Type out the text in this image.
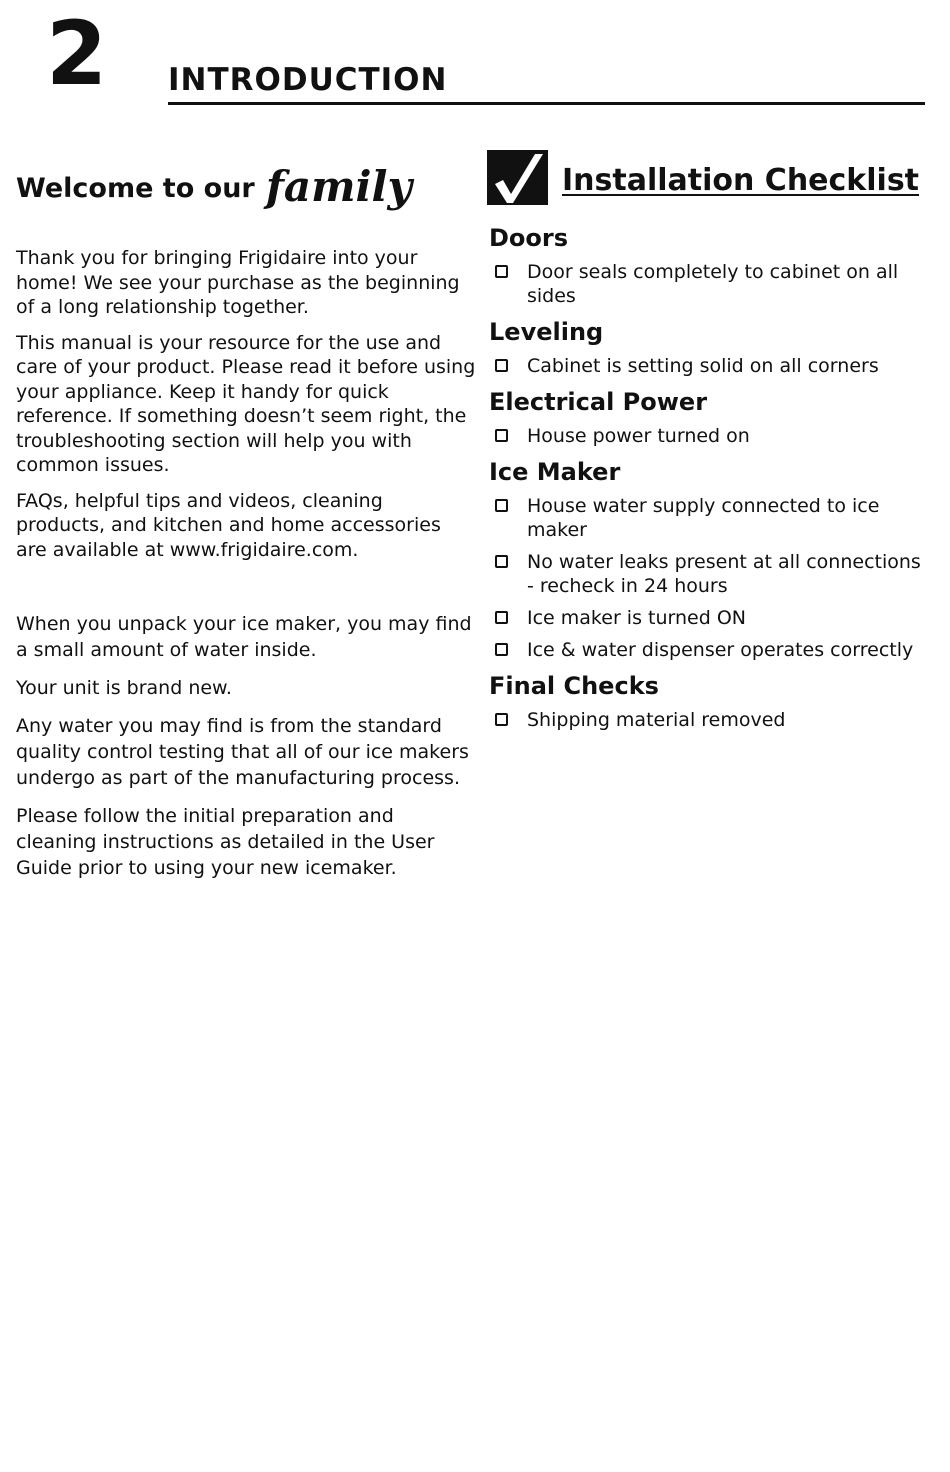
2 INTRODUCTION
Welcome to our family

Thank you for bringing Frigidaire into your home! We see your purchase as the beginning of a long relationship together.

This manual is your resource for the use and care of your product. Please read it before using your appliance. Keep it handy for quick reference. If something doesn’t seem right, the troubleshooting section will help you with common issues.

FAQs, helpful tips and videos, cleaning products, and kitchen and home accessories are available at www.frigidaire.com.

When you unpack your ice maker, you may find a small amount of water inside.

Your unit is brand new.

Any water you may find is from the standard quality control testing that all of our ice makers undergo as part of the manufacturing process.

Please follow the initial preparation and cleaning instructions as detailed in the User Guide prior to using your new icemaker.

Installation Checklist
Doors
Door seals completely to cabinet on all sides
Leveling
Cabinet is setting solid on all corners
Electrical Power
House power turned on
Ice Maker
House water supply connected to ice maker
No water leaks present at all connections - recheck in 24 hours
Ice maker is turned ON
Ice & water dispenser operates correctly
Final Checks
Shipping material removed
